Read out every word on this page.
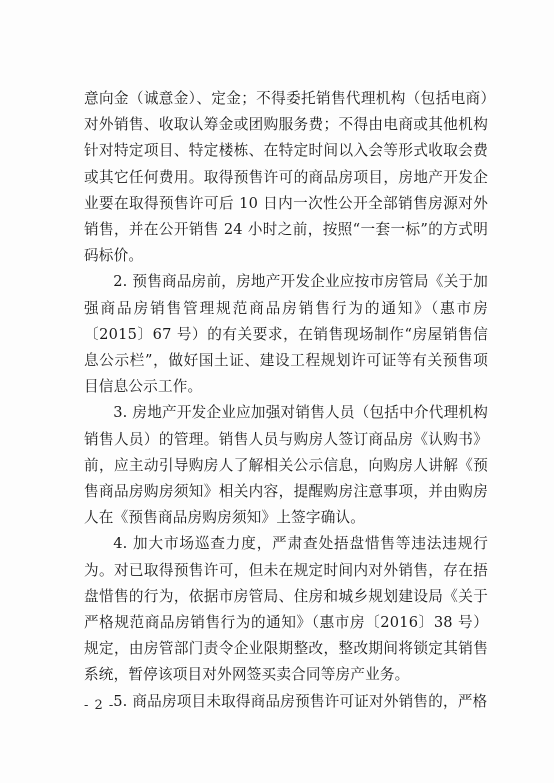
意向金（诚意金）、定金；不得委托销售代理机构（包括电商）对外销售、收取认筹金或团购服务费；不得由电商或其他机构针对特定项目、特定楼栋、在特定时间以入会等形式收取会费或其它任何费用。取得预售许可的商品房项目，房地产开发企业要在取得预售许可后 10 日内一次性公开全部销售房源对外销售，并在公开销售 24 小时之前，按照“一套一标”的方式明码标价。

2. 预售商品房前，房地产开发企业应按市房管局《关于加强商品房销售管理规范商品房销售行为的通知》（惠市房〔2015〕67 号）的有关要求，在销售现场制作“房屋销售信息公示栏”，做好国土证、建设工程规划许可证等有关预售项目信息公示工作。

3. 房地产开发企业应加强对销售人员（包括中介代理机构销售人员）的管理。销售人员与购房人签订商品房《认购书》前，应主动引导购房人了解相关公示信息，向购房人讲解《预售商品房购房须知》相关内容，提醒购房注意事项，并由购房人在《预售商品房购房须知》上签字确认。

4. 加大市场巡查力度，严肃查处捂盘惜售等违法违规行为。对已取得预售许可，但未在规定时间内对外销售，存在捂盘惜售的行为，依据市房管局、住房和城乡规划建设局《关于严格规范商品房销售行为的通知》（惠市房〔2016〕38 号）规定，由房管部门责令企业限期整改，整改期间将锁定其销售系统，暂停该项目对外网签买卖合同等房产业务。

5. 商品房项目未取得商品房预售许可证对外销售的，严格

- 2 -
